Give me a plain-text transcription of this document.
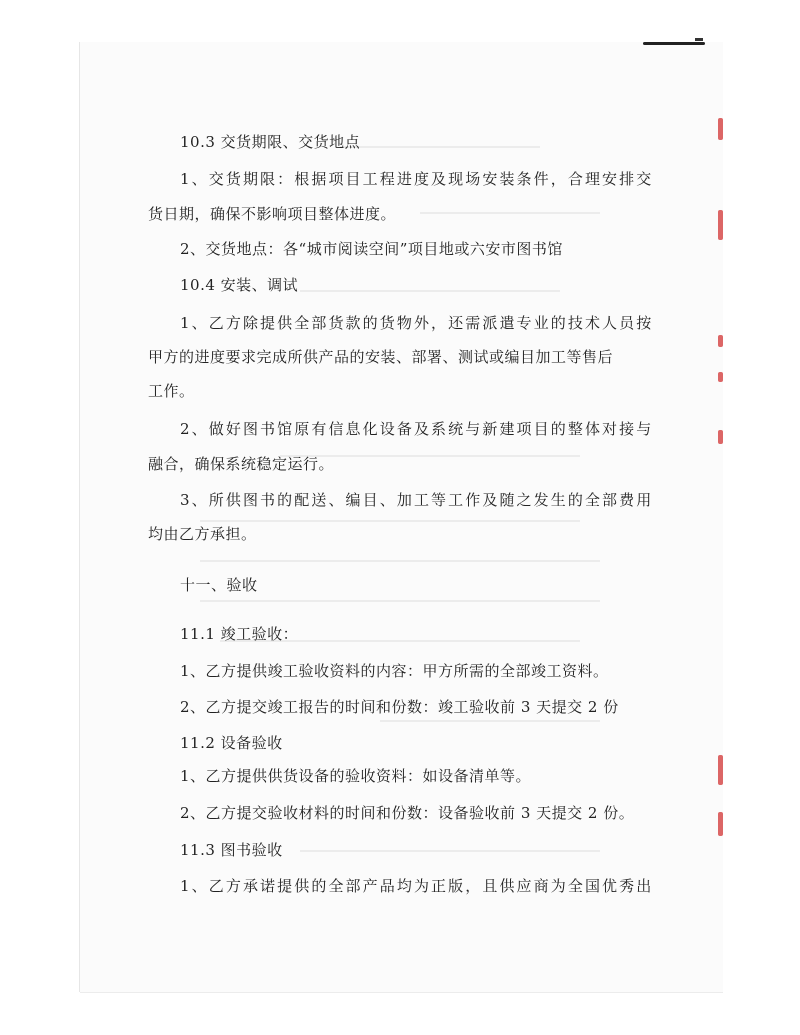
10.3 交货期限、交货地点
1、交货期限：根据项目工程进度及现场安装条件，合理安排交
货日期，确保不影响项目整体进度。
2、交货地点：各“城市阅读空间”项目地或六安市图书馆
10.4 安装、调试
1、乙方除提供全部货款的货物外，还需派遣专业的技术人员按
甲方的进度要求完成所供产品的安装、部署、测试或编目加工等售后
工作。
2、做好图书馆原有信息化设备及系统与新建项目的整体对接与
融合，确保系统稳定运行。
3、所供图书的配送、编目、加工等工作及随之发生的全部费用
均由乙方承担。
十一、验收
11.1 竣工验收：
1、乙方提供竣工验收资料的内容：甲方所需的全部竣工资料。
2、乙方提交竣工报告的时间和份数：竣工验收前 3 天提交 2 份
11.2 设备验收
1、乙方提供供货设备的验收资料：如设备清单等。
2、乙方提交验收材料的时间和份数：设备验收前 3 天提交 2 份。
11.3 图书验收
1、乙方承诺提供的全部产品均为正版，且供应商为全国优秀出
